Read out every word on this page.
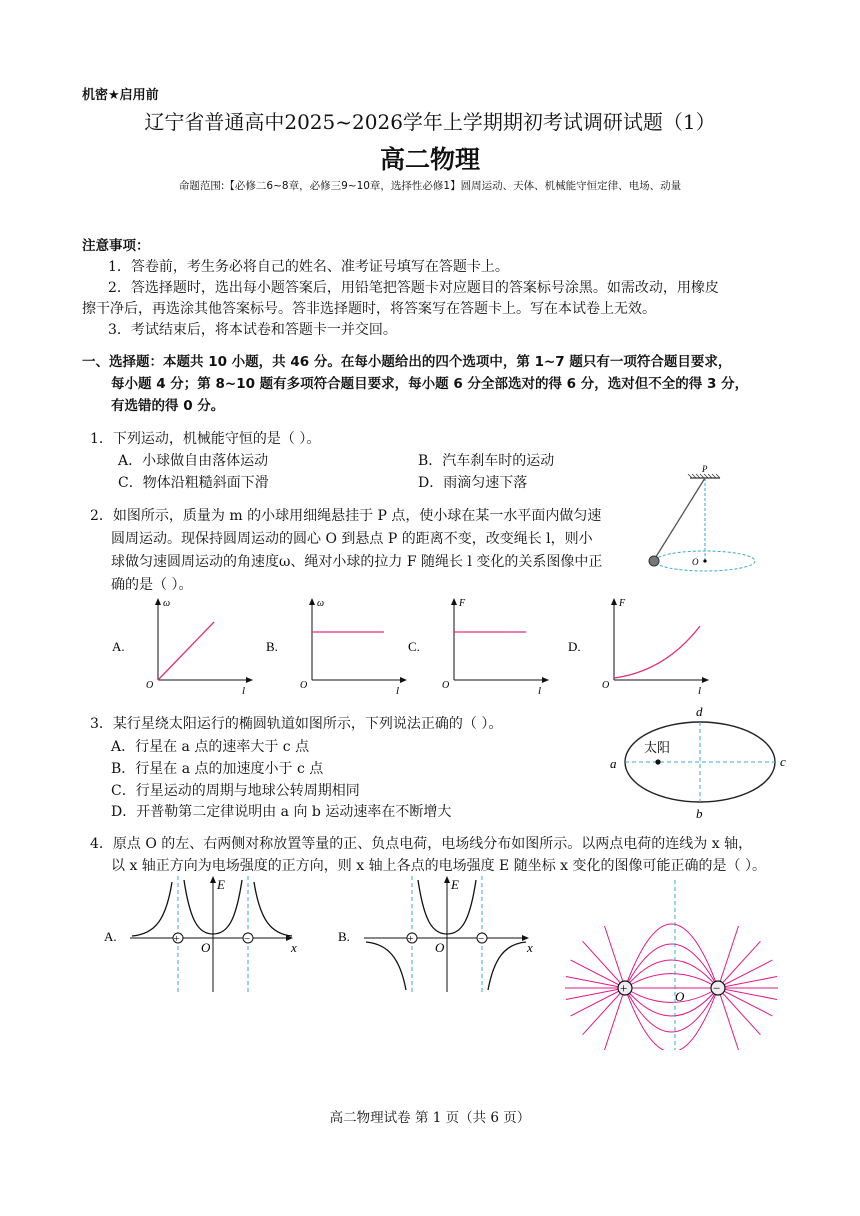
机密★启用前
辽宁省普通高中2025~2026学年上学期期初考试调研试题（1）
高二物理
命题范围:【必修二6~8章，必修三9~10章，选择性必修1】圆周运动、天体、机械能守恒定律、电场、动量
注意事项：
1．答卷前，考生务必将自己的姓名、准考证号填写在答题卡上。
2．答选择题时，选出每小题答案后，用铅笔把答题卡对应题目的答案标号涂黑。如需改动，用橡皮
擦干净后，再选涂其他答案标号。答非选择题时，将答案写在答题卡上。写在本试卷上无效。
3．考试结束后，将本试卷和答题卡一并交回。
一、选择题：本题共 10 小题，共 46 分。在每小题给出的四个选项中，第 1~7 题只有一项符合题目要求，
每小题 4 分；第 8~10 题有多项符合题目要求，每小题 6 分全部选对的得 6 分，选对但不全的得 3 分，
有选错的得 0 分。
1．下列运动，机械能守恒的是（ ）。
A．小球做自由落体运动	B．汽车刹车时的运动
C．物体沿粗糙斜面下滑	D．雨滴匀速下落
2．如图所示，质量为 m 的小球用细绳悬挂于 P 点，使小球在某一水平面内做匀速
圆周运动。现保持圆周运动的圆心 O 到悬点 P 的距离不变，改变绳长 l，则小
球做匀速圆周运动的角速度ω、绳对小球的拉力 F 随绳长 l 变化的关系图像中正
确的是（ ）。
P
O
A.
ω
O	l
B.
ω
O	l
C.
F
O	l
D.
F
O	l
3．某行星绕太阳运行的椭圆轨道如图所示，下列说法正确的（ ）。
A．行星在 a 点的速率大于 c 点
B．行星在 a 点的加速度小于 c 点
C．行星运动的周期与地球公转周期相同
D．开普勒第二定律说明由 a 向 b 运动速率在不断增大
太阳
a
b
c
d
4．原点 O 的左、右两侧对称放置等量的正、负点电荷，电场线分布如图所示。以两点电荷的连线为 x 轴，
以 x 轴正方向为电场强度的正方向，则 x 轴上各点的电场强度 E 随坐标 x 变化的图像可能正确的是（ ）。
A.
x
E
O
+	−	B.
x
E
O
+	−
+	−
O
高二物理试卷 第 1 页（共 6 页）
